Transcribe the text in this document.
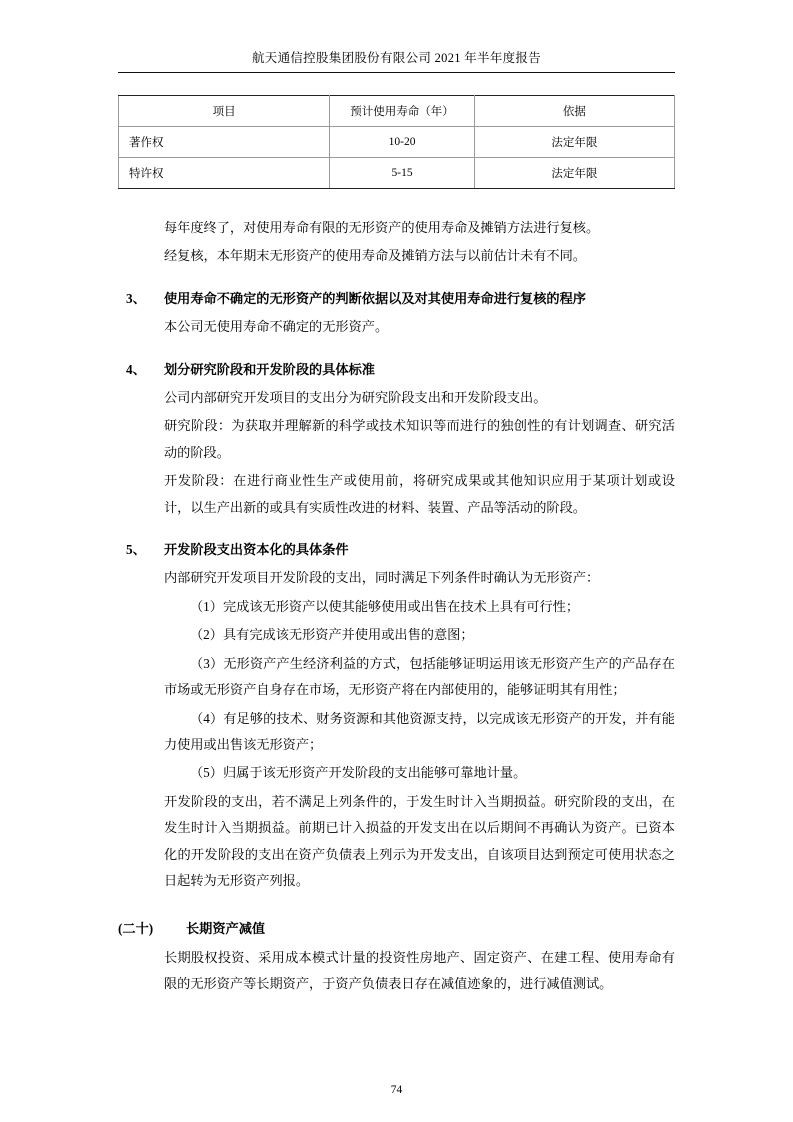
航天通信控股集团股份有限公司 2021 年半年度报告
项目	预计使用寿命（年）	依据
著作权	10-20	法定年限
特许权	5-15	法定年限

每年度终了，对使用寿命有限的无形资产的使用寿命及摊销方法进行复核。

经复核，本年期末无形资产的使用寿命及摊销方法与以前估计未有不同。

3、	使用寿命不确定的无形资产的判断依据以及对其使用寿命进行复核的程序

本公司无使用寿命不确定的无形资产。

4、	划分研究阶段和开发阶段的具体标准

公司内部研究开发项目的支出分为研究阶段支出和开发阶段支出。

研究阶段：为获取并理解新的科学或技术知识等而进行的独创性的有计划调查、研究活动的阶段。

开发阶段：在进行商业性生产或使用前，将研究成果或其他知识应用于某项计划或设计，以生产出新的或具有实质性改进的材料、装置、产品等活动的阶段。

5、	开发阶段支出资本化的具体条件

内部研究开发项目开发阶段的支出，同时满足下列条件时确认为无形资产：

（1）完成该无形资产以使其能够使用或出售在技术上具有可行性；

（2）具有完成该无形资产并使用或出售的意图；

（3）无形资产产生经济利益的方式，包括能够证明运用该无形资产生产的产品存在市场或无形资产自身存在市场，无形资产将在内部使用的，能够证明其有用性；

（4）有足够的技术、财务资源和其他资源支持，以完成该无形资产的开发，并有能力使用或出售该无形资产；

（5）归属于该无形资产开发阶段的支出能够可靠地计量。

开发阶段的支出，若不满足上列条件的，于发生时计入当期损益。研究阶段的支出，在发生时计入当期损益。前期已计入损益的开发支出在以后期间不再确认为资产。已资本化的开发阶段的支出在资产负债表上列示为开发支出，自该项目达到预定可使用状态之日起转为无形资产列报。

(二十)	长期资产减值

长期股权投资、采用成本模式计量的投资性房地产、固定资产、在建工程、使用寿命有限的无形资产等长期资产，于资产负债表日存在减值迹象的，进行减值测试。

74
